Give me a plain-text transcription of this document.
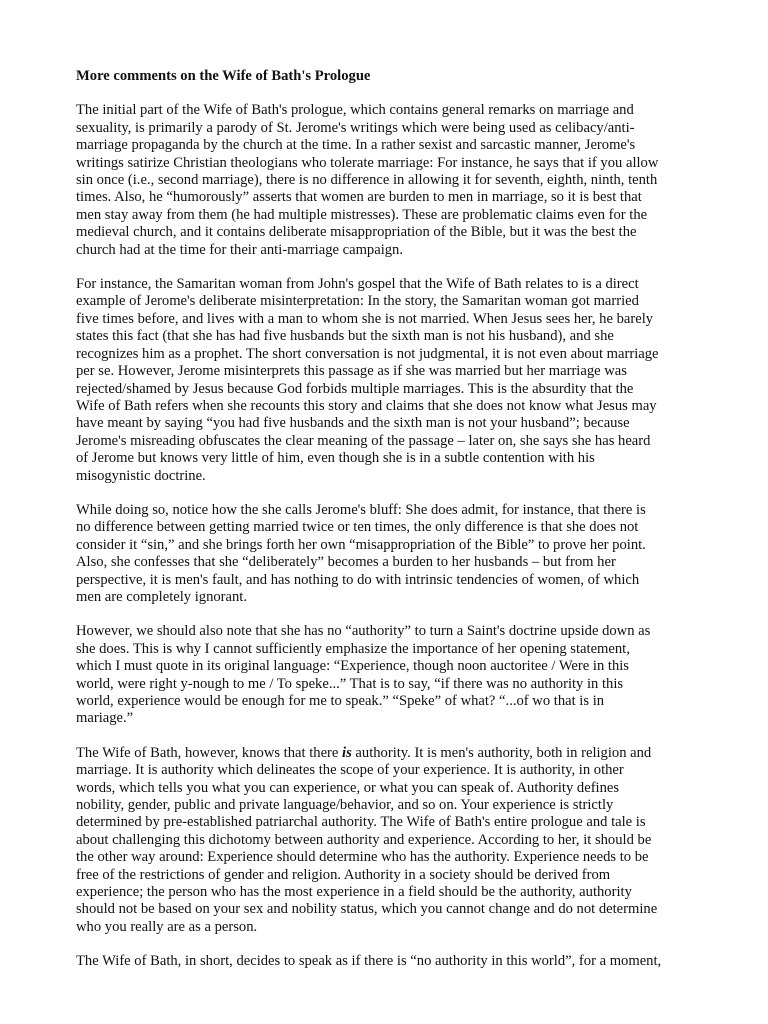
More comments on the Wife of Bath's Prologue

The initial part of the Wife of Bath's prologue, which contains general remarks on marriage and
sexuality, is primarily a parody of St. Jerome's writings which were being used as celibacy/anti-
marriage propaganda by the church at the time. In a rather sexist and sarcastic manner, Jerome's
writings satirize Christian theologians who tolerate marriage: For instance, he says that if you allow
sin once (i.e., second marriage), there is no difference in allowing it for seventh, eighth, ninth, tenth
times. Also, he “humorously” asserts that women are burden to men in marriage, so it is best that
men stay away from them (he had multiple mistresses). These are problematic claims even for the
medieval church, and it contains deliberate misappropriation of the Bible, but it was the best the
church had at the time for their anti-marriage campaign.

For instance, the Samaritan woman from John's gospel that the Wife of Bath relates to is a direct
example of Jerome's deliberate misinterpretation: In the story, the Samaritan woman got married
five times before, and lives with a man to whom she is not married. When Jesus sees her, he barely
states this fact (that she has had five husbands but the sixth man is not his husband), and she
recognizes him as a prophet. The short conversation is not judgmental, it is not even about marriage
per se. However, Jerome misinterprets this passage as if she was married but her marriage was
rejected/shamed by Jesus because God forbids multiple marriages. This is the absurdity that the
Wife of Bath refers when she recounts this story and claims that she does not know what Jesus may
have meant by saying “you had five husbands and the sixth man is not your husband”; because
Jerome's misreading obfuscates the clear meaning of the passage – later on, she says she has heard
of Jerome but knows very little of him, even though she is in a subtle contention with his
misogynistic doctrine.

While doing so, notice how the she calls Jerome's bluff: She does admit, for instance, that there is
no difference between getting married twice or ten times, the only difference is that she does not
consider it “sin,” and she brings forth her own “misappropriation of the Bible” to prove her point.
Also, she confesses that she “deliberately” becomes a burden to her husbands – but from her
perspective, it is men's fault, and has nothing to do with intrinsic tendencies of women, of which
men are completely ignorant.

However, we should also note that she has no “authority” to turn a Saint's doctrine upside down as
she does. This is why I cannot sufficiently emphasize the importance of her opening statement,
which I must quote in its original language: “Experience, though noon auctoritee / Were in this
world, were right y-nough to me / To speke...” That is to say, “if there was no authority in this
world, experience would be enough for me to speak.” “Speke” of what? “...of wo that is in
mariage.”

The Wife of Bath, however, knows that there is authority. It is men's authority, both in religion and
marriage. It is authority which delineates the scope of your experience. It is authority, in other
words, which tells you what you can experience, or what you can speak of. Authority defines
nobility, gender, public and private language/behavior, and so on. Your experience is strictly
determined by pre-established patriarchal authority. The Wife of Bath's entire prologue and tale is
about challenging this dichotomy between authority and experience. According to her, it should be
the other way around: Experience should determine who has the authority. Experience needs to be
free of the restrictions of gender and religion. Authority in a society should be derived from
experience; the person who has the most experience in a field should be the authority, authority
should not be based on your sex and nobility status, which you cannot change and do not determine
who you really are as a person.

The Wife of Bath, in short, decides to speak as if there is “no authority in this world”, for a moment,
